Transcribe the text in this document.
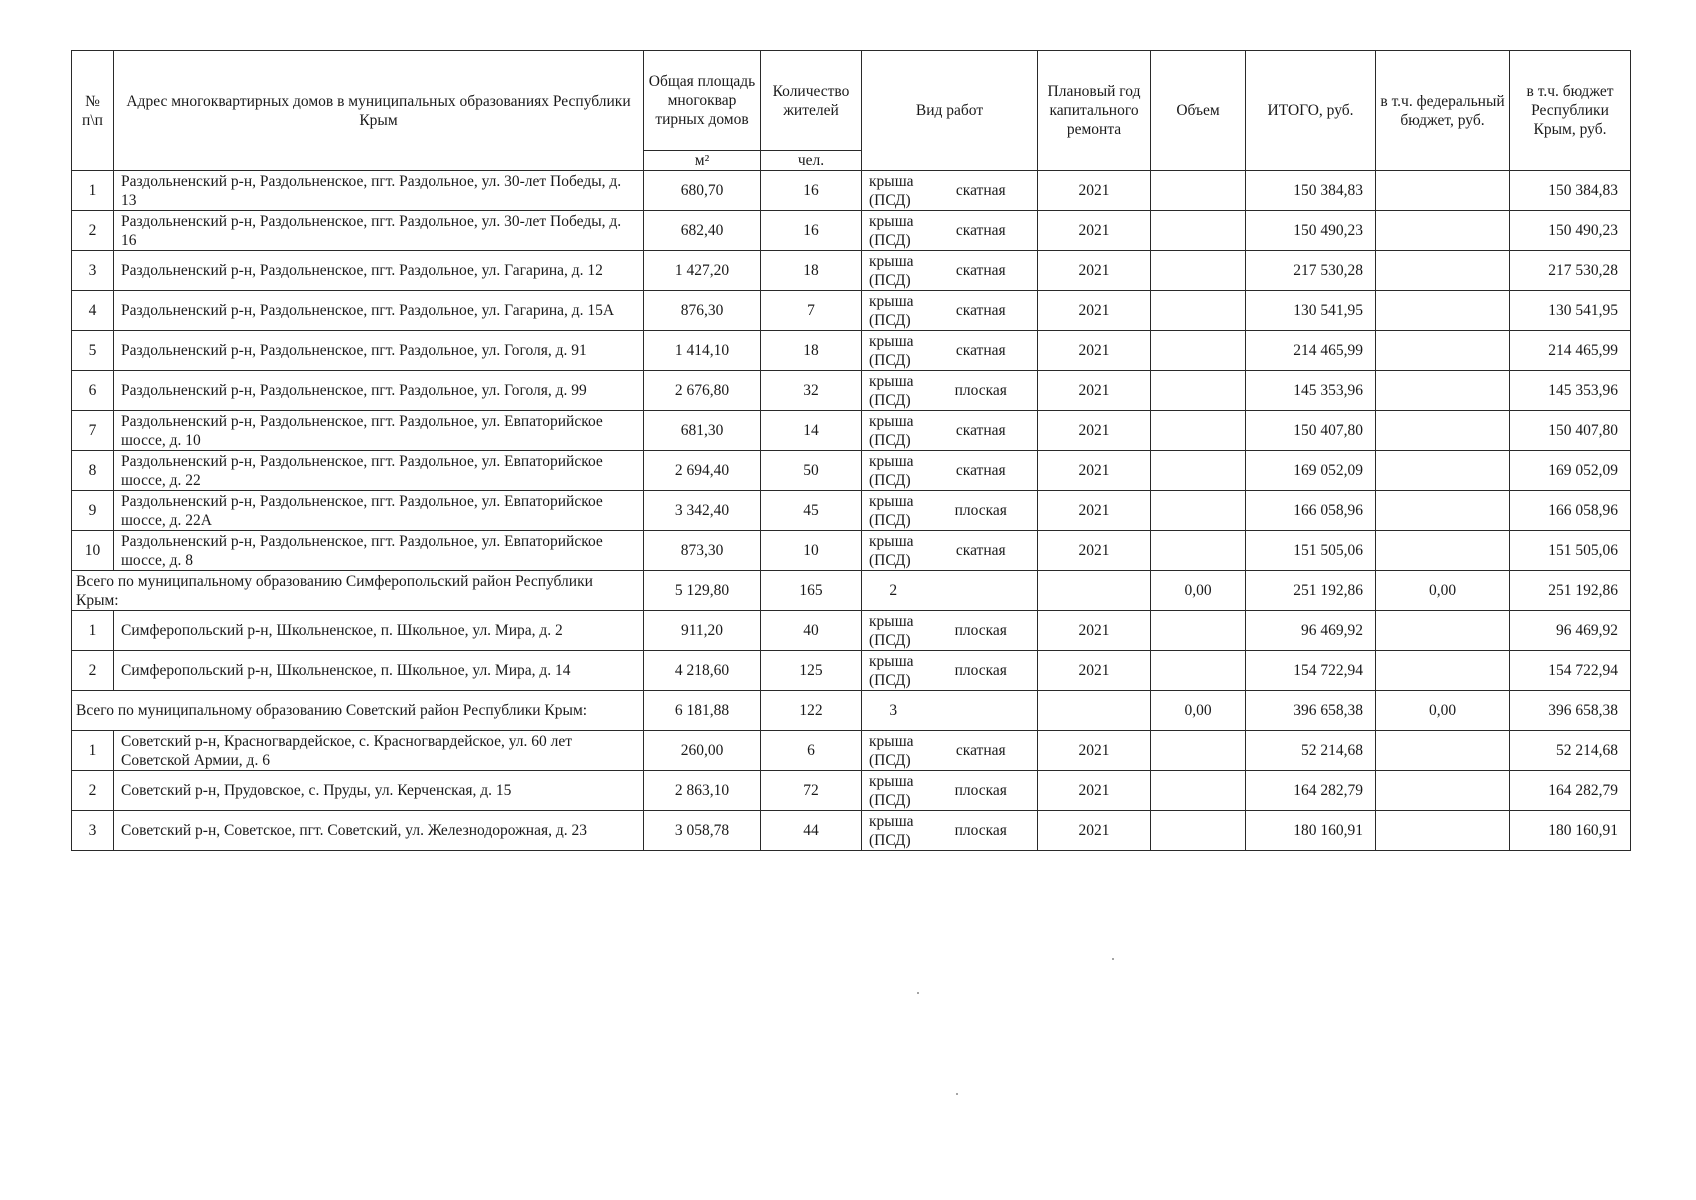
№ п\п	Адрес многоквартирных домов в муниципальных образованиях Республики Крым	Общая площадь многоквар тирных домов	Количество жителей	Вид работ		Плановый год капитального ремонта	Объем	ИТОГО, руб.	в т.ч. федеральный бюджет, руб.	в т.ч. бюджет Республики Крым, руб.
		м²	чел.							
1	Раздольненский р-н, Раздольненское, пгт. Раздольное, ул. 30-лет Победы, д. 13	680,70	16	крыша (ПСД)	скатная	2021		150 384,83		150 384,83
2	Раздольненский р-н, Раздольненское, пгт. Раздольное, ул. 30-лет Победы, д. 16	682,40	16	крыша (ПСД)	скатная	2021		150 490,23		150 490,23
3	Раздольненский р-н, Раздольненское, пгт. Раздольное, ул. Гагарина, д. 12	1 427,20	18	крыша (ПСД)	скатная	2021		217 530,28		217 530,28
4	Раздольненский р-н, Раздольненское, пгт. Раздольное, ул. Гагарина, д. 15А	876,30	7	крыша (ПСД)	скатная	2021		130 541,95		130 541,95
5	Раздольненский р-н, Раздольненское, пгт. Раздольное, ул. Гоголя, д. 91	1 414,10	18	крыша (ПСД)	скатная	2021		214 465,99		214 465,99
6	Раздольненский р-н, Раздольненское, пгт. Раздольное, ул. Гоголя, д. 99	2 676,80	32	крыша (ПСД)	плоская	2021		145 353,96		145 353,96
7	Раздольненский р-н, Раздольненское, пгт. Раздольное, ул. Евпаторийское шоссе, д. 10	681,30	14	крыша (ПСД)	скатная	2021		150 407,80		150 407,80
8	Раздольненский р-н, Раздольненское, пгт. Раздольное, ул. Евпаторийское шоссе, д. 22	2 694,40	50	крыша (ПСД)	скатная	2021		169 052,09		169 052,09
9	Раздольненский р-н, Раздольненское, пгт. Раздольное, ул. Евпаторийское шоссе, д. 22А	3 342,40	45	крыша (ПСД)	плоская	2021		166 058,96		166 058,96
10	Раздольненский р-н, Раздольненское, пгт. Раздольное, ул. Евпаторийское шоссе, д. 8	873,30	10	крыша (ПСД)	скатная	2021		151 505,06		151 505,06
Всего по муниципальному образованию Симферопольский район Республики Крым:		5 129,80	165	2			0,00	251 192,86	0,00	251 192,86
1	Симферопольский р-н, Школьненское, п. Школьное, ул. Мира, д. 2	911,20	40	крыша (ПСД)	плоская	2021		96 469,92		96 469,92
2	Симферопольский р-н, Школьненское, п. Школьное, ул. Мира, д. 14	4 218,60	125	крыша (ПСД)	плоская	2021		154 722,94		154 722,94
Всего по муниципальному образованию Советский район Республики Крым:		6 181,88	122	3			0,00	396 658,38	0,00	396 658,38
1	Советский р-н, Красногвардейское, с. Красногвардейское, ул. 60 лет Советской Армии, д. 6	260,00	6	крыша (ПСД)	скатная	2021		52 214,68		52 214,68
2	Советский р-н, Прудовское, с. Пруды, ул. Керченская, д. 15	2 863,10	72	крыша (ПСД)	плоская	2021		164 282,79		164 282,79
3	Советский р-н, Советское, пгт. Советский, ул. Железнодорожная, д. 23	3 058,78	44	крыша (ПСД)	плоская	2021		180 160,91		180 160,91
